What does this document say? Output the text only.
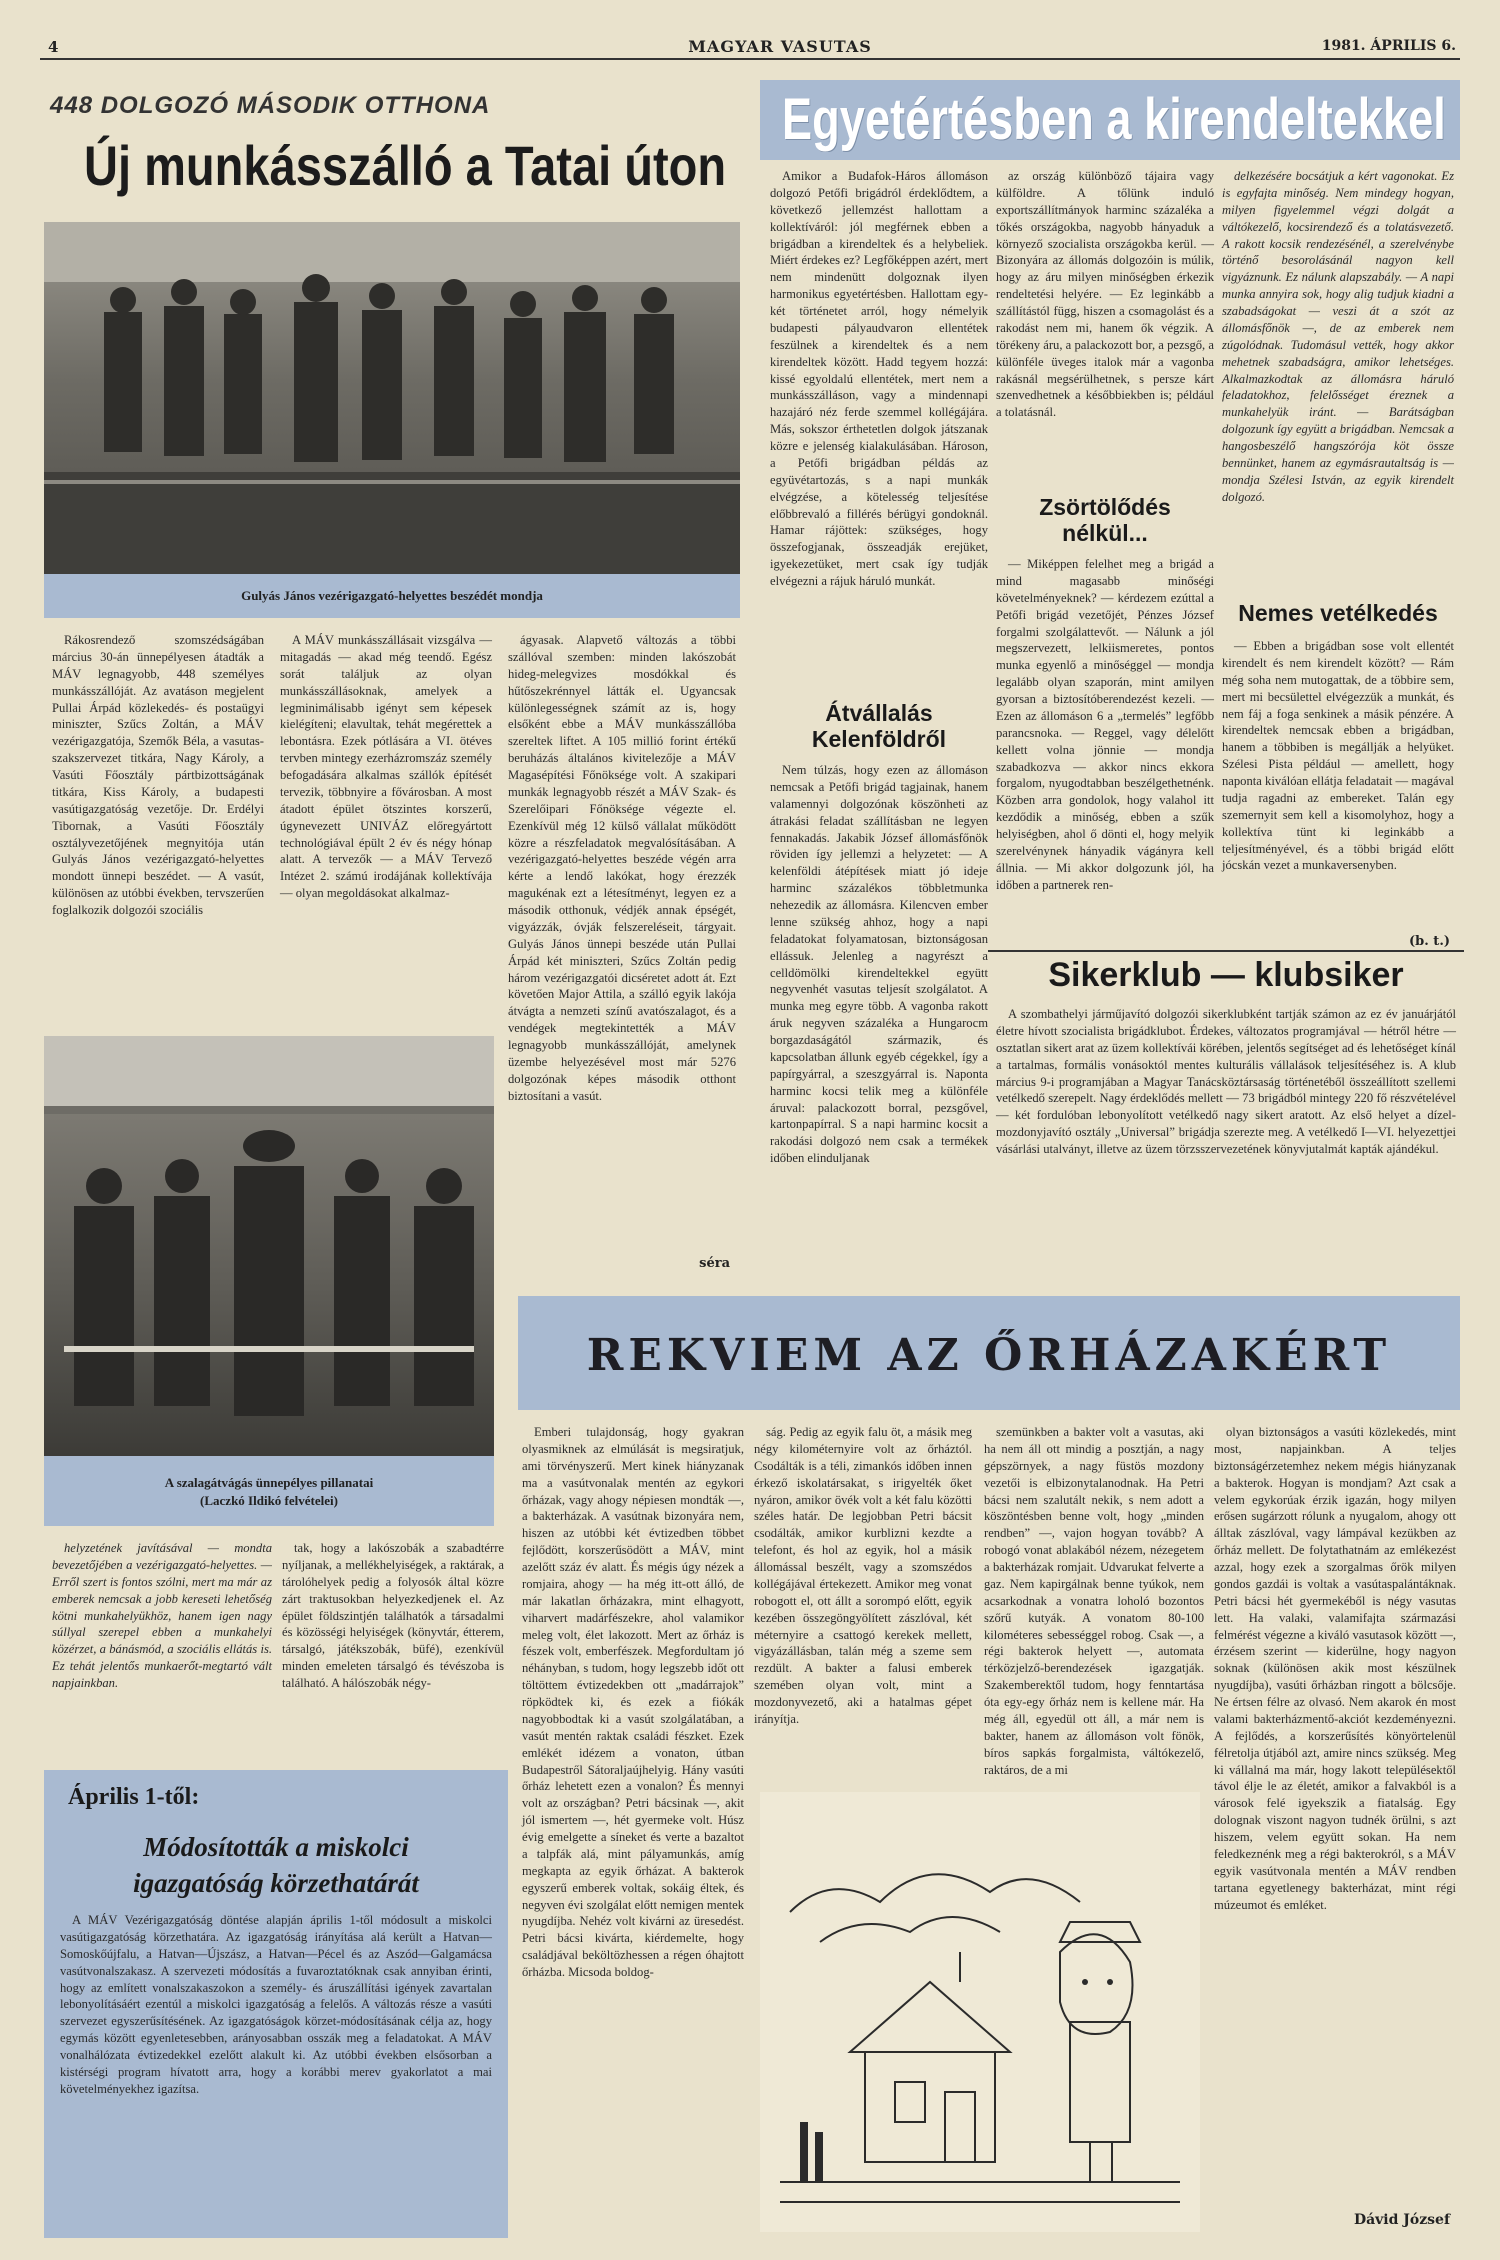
4	MAGYAR VASUTAS	1981. ÁPRILIS 6.
448 DOLGOZÓ MÁSODIK OTTHONA
Új munkásszálló a Tatai úton
Gulyás János vezérigazgató-helyettes beszédét mondja

Rákosrendező szomszédságában március 30-án ünnepélyesen átadták a MÁV legnagyobb, 448 személyes munkásszállóját. Az avatáson megjelent Pullai Árpád közlekedés- és postaügyi miniszter, Szűcs Zoltán, a MÁV vezérigazgatója, Szemők Béla, a vasutas-szakszervezet titkára, Nagy Károly, a Vasúti Főosztály pártbizottságának titkára, Kiss Károly, a budapesti vasútigazgatóság vezetője. Dr. Erdélyi Tibornak, a Vasúti Főosztály osztályvezetőjének megnyitója után Gulyás János vezérigazgató-helyettes mondott ünnepi beszédet. — A vasút, különösen az utóbbi években, tervszerűen foglalkozik dolgozói szociális

A MÁV munkásszállásait vizsgálva — mitagadás — akad még teendő. Egész sorát találjuk az olyan munkásszállásoknak, amelyek a legminimálisabb igényt sem képesek kielégíteni; elavultak, tehát megérettek a lebontásra. Ezek pótlására a VI. ötéves tervben mintegy ezerházromszáz személy befogadására alkalmas szállók építését tervezik, többnyire a fővárosban. A most átadott épület ötszintes korszerű, úgynevezett UNIVÁZ előregyártott technológiával épült 2 év és négy hónap alatt. A tervezők — a MÁV Tervező Intézet 2. számú irodájának kollektívája — olyan megoldásokat alkalmaz-

ágyasak. Alapvető változás a többi szállóval szemben: minden lakószobát hideg-melegvizes mosdókkal és hűtőszekrénnyel látták el. Ugyancsak különlegességnek számít az is, hogy elsőként ebbe a MÁV munkásszállóba szereltek liftet. A 105 millió forint értékű beruházás általános kivitelezője a MÁV Magasépítési Főnöksége volt. A szakipari munkák legnagyobb részét a MÁV Szak- és Szerelőipari Főnöksége végezte el. Ezenkívül még 12 külső vállalat működött közre a részfeladatok megvalósításában. A vezérigazgató-helyettes beszéde végén arra kérte a lendő lakókat, hogy érezzék magukénak ezt a létesítményt, legyen ez a második otthonuk, védjék annak épségét, vigyázzák, óvják felszereléseit, tárgyait. Gulyás János ünnepi beszéde után Pullai Árpád két miniszteri, Szűcs Zoltán pedig három vezérigazgatói dicséretet adott át. Ezt követően Major Attila, a szálló egyik lakója átvágta a nemzeti színű avatószalagot, és a vendégek megtekintették a MÁV legnagyobb munkásszállóját, amelynek üzembe helyezésével most már 5276 dolgozónak képes második otthont biztosítani a vasút.

séra
A szalagátvágás ünnepélyes pillanatai
(Laczkó Ildikó felvételei)

helyzetének javításával — mondta bevezetőjében a vezérigazgató-helyettes. — Erről szert is fontos szólni, mert ma már az emberek nemcsak a jobb kereseti lehetőség kötni munkahelyükhöz, hanem igen nagy súllyal szerepel ebben a munkahelyi közérzet, a bánásmód, a szociális ellátás is. Ez tehát jelentős munkaerőt-megtartó vált napjainkban.

tak, hogy a lakószobák a szabadtérre nyíljanak, a mellékhelyiségek, a raktárak, a tárolóhelyek pedig a folyosók által közre zárt traktusokban helyezkedjenek el. Az épület földszintjén találhatók a társadalmi és közösségi helyiségek (könyvtár, étterem, társalgó, játékszobák, büfé), ezenkívül minden emeleten társalgó és tévészoba is található. A hálószobák négy-

Egyetértésben a kirendeltekkel

Amikor a Budafok-Háros állomáson dolgozó Petőfi brigádról érdeklődtem, a következő jellemzést hallottam a kollektíváról: jól megférnek ebben a brigádban a kirendeltek és a helybeliek. Miért érdekes ez? Legfőképpen azért, mert nem mindenütt dolgoznak ilyen harmonikus egyetértésben. Hallottam egy-két történetet arról, hogy némelyik budapesti pályaudvaron ellentétek feszülnek a kirendeltek és a nem kirendeltek között. Hadd tegyem hozzá: kissé egyoldalú ellentétek, mert nem a munkásszálláson, vagy a mindennapi hazajáró néz ferde szemmel kollégájára. Más, sokszor érthetetlen dolgok játszanak közre e jelenség kialakulásában. Hároson, a Petőfi brigádban példás az együvétartozás, s a napi munkák elvégzése, a kötelesség teljesítése előbbrevaló a fillérés bérügyi gondoknál. Hamar rájöttek: szükséges, hogy összefogjanak, összeadják erejüket, igyekezetüket, mert csak így tudják elvégezni a rájuk háruló munkát.

Átvállalás Kelenföldről

Nem túlzás, hogy ezen az állomáson nemcsak a Petőfi brigád tagjainak, hanem valamennyi dolgozónak köszönheti az átrakási feladat szállításban ne legyen fennakadás. Jakabik József állomásfőnök röviden így jellemzi a helyzetet: — A kelenföldi átépítések miatt jó ideje harminc százalékos többletmunka nehezedik az állomásra. Kilencven ember lenne szükség ahhoz, hogy a napi feladatokat folyamatosan, biztonságosan ellássuk. Jelenleg a nagyrészt a celldömölki kirendeltekkel együtt negyvenhét vasutas teljesít szolgálatot. A munka meg egyre több. A vagonba rakott áruk negyven százaléka a Hungarocm borgazdaságától származik, és kapcsolatban állunk egyéb cégekkel, így a papírgyárral, a szeszgyárral is. Naponta harminc kocsi telik meg a különféle áruval: palackozott borral, pezsgővel, kartonpapírral. S a napi harminc kocsit a rakodási dolgozó nem csak a termékek időben elinduljanak

az ország különböző tájaira vagy külföldre. A tőlünk induló exportszállítmányok harminc százaléka a tőkés országokba, nagyobb hányaduk a környező szocialista országokba kerül. — Bizonyára az állomás dolgozóin is múlik, hogy az áru milyen minőségben érkezik rendeltetési helyére. — Ez leginkább a szállítástól függ, hiszen a csomagolást és a rakodást nem mi, hanem ők végzik. A törékeny áru, a palackozott bor, a pezsgő, a különféle üveges italok már a vagonba rakásnál megsérülhetnek, s persze kárt szenvedhetnek a későbbiekben is; például a tolatásnál.

Zsörtölődés nélkül...

— Miképpen felelhet meg a brigád a mind magasabb minőségi követelményeknek? — kérdezem ezúttal a Petőfi brigád vezetőjét, Pénzes József forgalmi szolgálattevőt. — Nálunk a jól megszervezett, lelkiismeretes, pontos munka egyenlő a minőséggel — mondja legalább olyan szaporán, mint amilyen gyorsan a biztosítóberendezést kezeli. — Ezen az állomáson 6 a „termelés” legfőbb parancsnoka. — Reggel, vagy délelőtt kellett volna jönnie — mondja szabadkozva — akkor nincs ekkora forgalom, nyugodtabban beszélgethetnénk. Közben arra gondolok, hogy valahol itt kezdődik a minőség, ebben a szűk helyiségben, ahol ő dönti el, hogy melyik szerelvénynek hányadik vágányra kell állnia. — Mi akkor dolgozunk jól, ha időben a partnerek ren-

delkezésére bocsátjuk a kért vagonokat. Ez is egyfajta minőség. Nem mindegy hogyan, milyen figyelemmel végzi dolgát a váltókezelő, kocsirendező és a tolatásvezető. A rakott kocsik rendezésénél, a szerelvénybe történő besorolásánál nagyon kell vigyáznunk. Ez nálunk alapszabály. — A napi munka annyira sok, hogy alig tudjuk kiadni a szabadságokat — veszi át a szót az állomásfőnök —, de az emberek nem zúgolódnak. Tudomásul vették, hogy akkor mehetnek szabadságra, amikor lehetséges. Alkalmazkodtak az állomásra háruló feladatokhoz, felelősséget éreznek a munkahelyük iránt. — Barátságban dolgozunk így együtt a brigádban. Nemcsak a hangosbeszélő hangszórója köt össze bennünket, hanem az egymásrautaltság is — mondja Szélesi István, az egyik kirendelt dolgozó.

Nemes vetélkedés

— Ebben a brigádban sose volt ellentét kirendelt és nem kirendelt között? — Rám még soha nem mutogattak, de a többire sem, mert mi becsülettel elvégezzük a munkát, és nem fáj a foga senkinek a másik pénzére. A kirendeltek nemcsak ebben a brigádban, hanem a többiben is megállják a helyüket. Szélesi Pista például — amellett, hogy naponta kiválóan ellátja feladatait — magával tudja ragadni az embereket. Talán egy szemernyit sem kell a kisomolyhoz, hogy a kollektíva tünt ki leginkább a teljesítményével, és a többi brigád előtt jócskán vezet a munkaversenyben.

(b. t.)
Sikerklub — klubsiker

A szombathelyi járműjavító dolgozói sikerklubként tartják számon az ez év januárjától életre hívott szocialista brigádklubot. Érdekes, változatos programjával — hétről hétre — osztatlan sikert arat az üzem kollektívái körében, jelentős segítséget ad és lehetőséget kínál a tartalmas, formális vonásoktól mentes kulturális vállalások teljesítéséhez is. A klub március 9-i programjában a Magyar Tanácsköztársaság történetéből összeállított szellemi vetélkedő szerepelt. Nagy érdeklődés mellett — 73 brigádból mintegy 220 fő részvételével — két fordulóban lebonyolított vetélkedő nagy sikert aratott. Az első helyet a dízel-mozdonyjavító osztály „Universal” brigádja szerezte meg. A vetélkedő I—VI. helyezettjei vásárlási utalványt, illetve az üzem törzsszervezetének könyvjutalmát kapták ajándékul.

Április 1-től:
Módosították a miskolci
igazgatóság körzethatárát

A MÁV Vezérigazgatóság döntése alapján április 1-től módosult a miskolci vasútigazgatóság körzethatára. Az igazgatóság irányítása alá került a Hatvan—Somoskőújfalu, a Hatvan—Újszász, a Hatvan—Pécel és az Aszód—Galgamácsa vasútvonalszakasz. A szervezeti módosítás a fuvaroztatóknak csak annyiban érinti, hogy az említett vonalszakaszokon a személy- és áruszállítási igények zavartalan lebonyolításáért ezentúl a miskolci igazgatóság a felelős. A változás része a vasúti szervezet egyszerűsítésének. Az igazgatóságok körzet-módosításának célja az, hogy egymás között egyenletesebben, arányosabban osszák meg a feladatokat. A MÁV vonalhálózata évtizedekkel ezelőtt alakult ki. Az utóbbi években elsősorban a kistérségi program hívatott arra, hogy a korábbi merev gyakorlatot a mai követelményekhez igazítsa.

REKVIEM AZ ŐRHÁZAKÉRT

Emberi tulajdonság, hogy gyakran olyasmiknek az elmúlását is megsiratjuk, ami törvényszerű. Mert kinek hiányzanak ma a vasútvonalak mentén az egykori őrházak, vagy ahogy népiesen mondták —, a bakterházak. A vasútnak bizonyára nem, hiszen az utóbbi két évtizedben többet fejlődött, korszerűsödött a MÁV, mint azelőtt száz év alatt. És mégis úgy nézek a romjaira, ahogy — ha még itt-ott álló, de már lakatlan őrházakra, mint elhagyott, viharvert madárfészekre, ahol valamikor meleg volt, élet lakozott. Mert az őrház is fészek volt, emberfészek. Megfordultam jó néhányban, s tudom, hogy legszebb időt ott töltöttem évtizedekben ott „madárrajok” röpködtek ki, és ezek a fiókák nagyobbodtak ki a vasút szolgálatában, a vasút mentén raktak családi fészket. Ezek emlékét idézem a vonaton, útban Budapestről Sátoraljaújhelyig. Hány vasúti őrház lehetett ezen a vonalon? És mennyi volt az országban? Petri bácsinak —, akit jól ismertem —, hét gyermeke volt. Húsz évig emelgette a síneket és verte a bazaltot a talpfák alá, mint pályamunkás, amíg megkapta az egyik őrházat. A bakterok egyszerű emberek voltak, sokáig éltek, és negyven évi szolgálat előtt nemigen mentek nyugdíjba. Nehéz volt kivárni az üresedést. Petri bácsi kivárta, kiérdemelte, hogy családjával beköltözhessen a régen óhajtott őrházba. Micsoda boldog-

ság. Pedig az egyik falu öt, a másik meg négy kilométernyire volt az őrháztól. Csodálták is a téli, zimankós időben innen érkező iskolatársakat, s irigyelték őket nyáron, amikor övék volt a két falu közötti széles határ. De legjobban Petri bácsit csodálták, amikor kurblizni kezdte a telefont, és hol az egyik, hol a másik állomással beszélt, vagy a szomszédos kollégájával értekezett. Amikor meg vonat robogott el, ott állt a sorompó előtt, egyik kezében összegöngyölített zászlóval, két méternyire a csattogó kerekek mellett, vigyázállásban, talán még a szeme sem rezdült. A bakter a falusi emberek szemében olyan volt, mint a mozdonyvezető, aki a hatalmas gépet irányítja.

szemünkben a bakter volt a vasutas, aki ha nem áll ott mindig a posztján, a nagy gépszörnyek, a nagy füstös mozdony vezetői is elbizonytalanodnak. Ha Petri bácsi nem szalutált nekik, s nem adott a köszöntésben benne volt, hogy „minden rendben” —, vajon hogyan tovább? A robogó vonat ablakából nézem, nézegetem a bakterházak romjait. Udvarukat felverte a gaz. Nem kapirgálnak benne tyúkok, nem acsarkodnak a vonatra loholó bozontos szőrű kutyák. A vonatom 80-100 kilométeres sebességgel robog. Csak —, a régi bakterok helyett —, automata térközjelző-berendezések igazgatják. Szakemberektől tudom, hogy fenntartása óta egy-egy őrház nem is kellene már. Ha még áll, egyedül ott áll, a már nem is bakter, hanem az állomáson volt fönök, bíros sapkás forgalmista, váltókezelő, raktáros, de a mi

olyan biztonságos a vasúti közlekedés, mint most, napjainkban. A teljes biztonságérzetemhez nekem mégis hiányzanak a bakterok. Hogyan is mondjam? Azt csak a velem egykorúak érzik igazán, hogy milyen erősen sugárzott rólunk a nyugalom, ahogy ott álltak zászlóval, vagy lámpával kezükben az őrház mellett. De folytathatnám az emlékezést azzal, hogy ezek a szorgalmas őrök milyen gondos gazdái is voltak a vasútaspalántáknak. Petri bácsi hét gyermekéből is négy vasutas lett. Ha valaki, valamifajta származási felmérést végezne a kiváló vasutasok között —, érzésem szerint — kiderülne, hogy nagyon soknak (különösen akik most készülnek nyugdíjba), vasúti őrházban ringott a bölcsője. Ne értsen félre az olvasó. Nem akarok én most valami bakterházmentő-akciót kezdeményezni. A fejlődés, a korszerűsítés könyörtelenül félretolja útjából azt, amire nincs szükség. Meg ki vállalná ma már, hogy lakott településektől távol élje le az életét, amikor a falvakból is a városok felé igyekszik a fiatalság. Egy dolognak viszont nagyon tudnék örülni, s azt hiszem, velem együtt sokan. Ha nem feledkeznénk meg a régi bakterokról, s a MÁV egyik vasútvonala mentén a MÁV rendben tartana egyetlenegy bakterházat, mint régi múzeumot és emléket.

Dávid József
